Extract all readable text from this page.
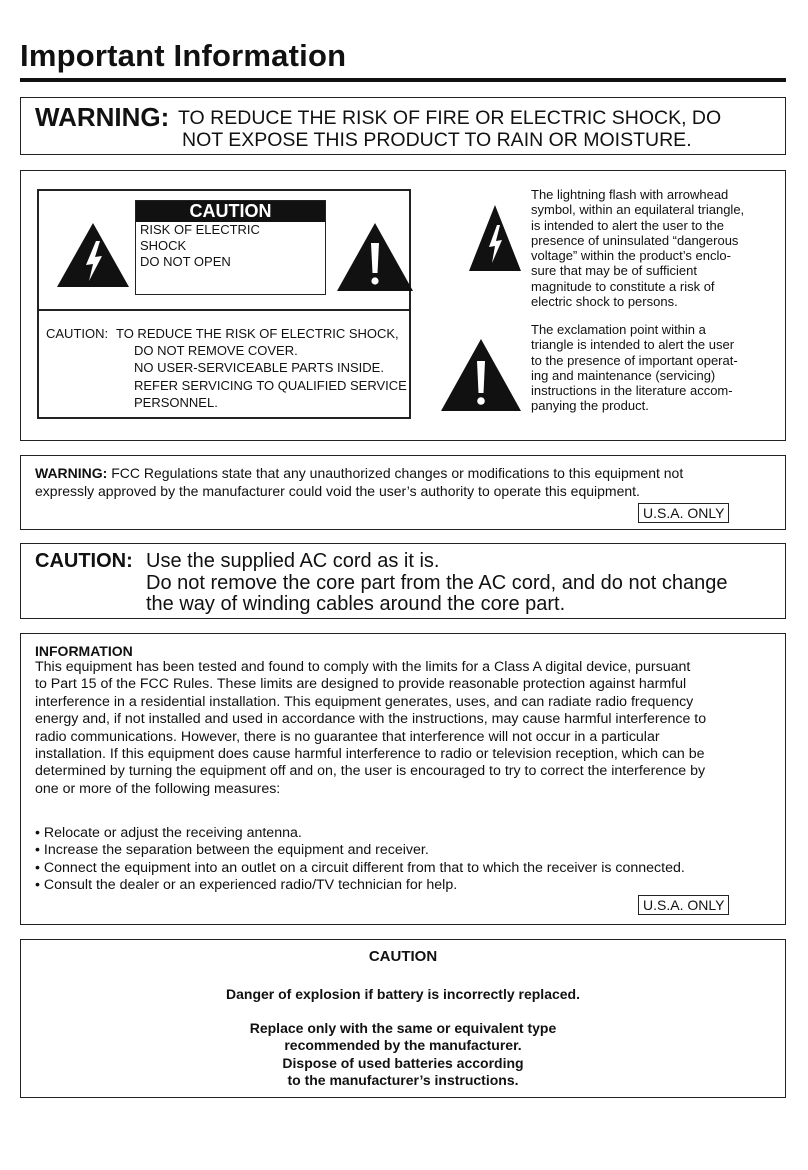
Important Information
WARNING: TO REDUCE THE RISK OF FIRE OR ELECTRIC SHOCK, DO
NOT EXPOSE THIS PRODUCT TO RAIN OR MOISTURE.
CAUTION
RISK OF ELECTRIC
SHOCK
DO NOT OPEN
CAUTION: TO REDUCE THE RISK OF ELECTRIC SHOCK,
DO NOT REMOVE COVER.
NO USER-SERVICEABLE PARTS INSIDE.
REFER SERVICING TO QUALIFIED SERVICE
PERSONNEL.
The lightning flash with arrowhead
symbol, within an equilateral triangle,
is intended to alert the user to the
presence of uninsulated “dangerous
voltage” within the product’s enclo-
sure that may be of sufficient
magnitude to constitute a risk of
electric shock to persons.
The exclamation point within a
triangle is intended to alert the user
to the presence of important operat-
ing and maintenance (servicing)
instructions in the literature accom-
panying the product.
WARNING: FCC Regulations state that any unauthorized changes or modifications to this equipment not
expressly approved by the manufacturer could void the user’s authority to operate this equipment.
U.S.A. ONLY
CAUTION: Use the supplied AC cord as it is.
Do not remove the core part from the AC cord, and do not change
the way of winding cables around the core part.
INFORMATION
This equipment has been tested and found to comply with the limits for a Class A digital device, pursuant
to Part 15 of the FCC Rules. These limits are designed to provide reasonable protection against harmful
interference in a residential installation. This equipment generates, uses, and can radiate radio frequency
energy and, if not installed and used in accordance with the instructions, may cause harmful interference to
radio communications. However, there is no guarantee that interference will not occur in a particular
installation. If this equipment does cause harmful interference to radio or television reception, which can be
determined by turning the equipment off and on, the user is encouraged to try to correct the interference by
one or more of the following measures:
• Relocate or adjust the receiving antenna.
• Increase the separation between the equipment and receiver.
• Connect the equipment into an outlet on a circuit different from that to which the receiver is connected.
• Consult the dealer or an experienced radio/TV technician for help.
U.S.A. ONLY
CAUTION
Danger of explosion if battery is incorrectly replaced.
Replace only with the same or equivalent type
recommended by the manufacturer.
Dispose of used batteries according
to the manufacturer’s instructions.
